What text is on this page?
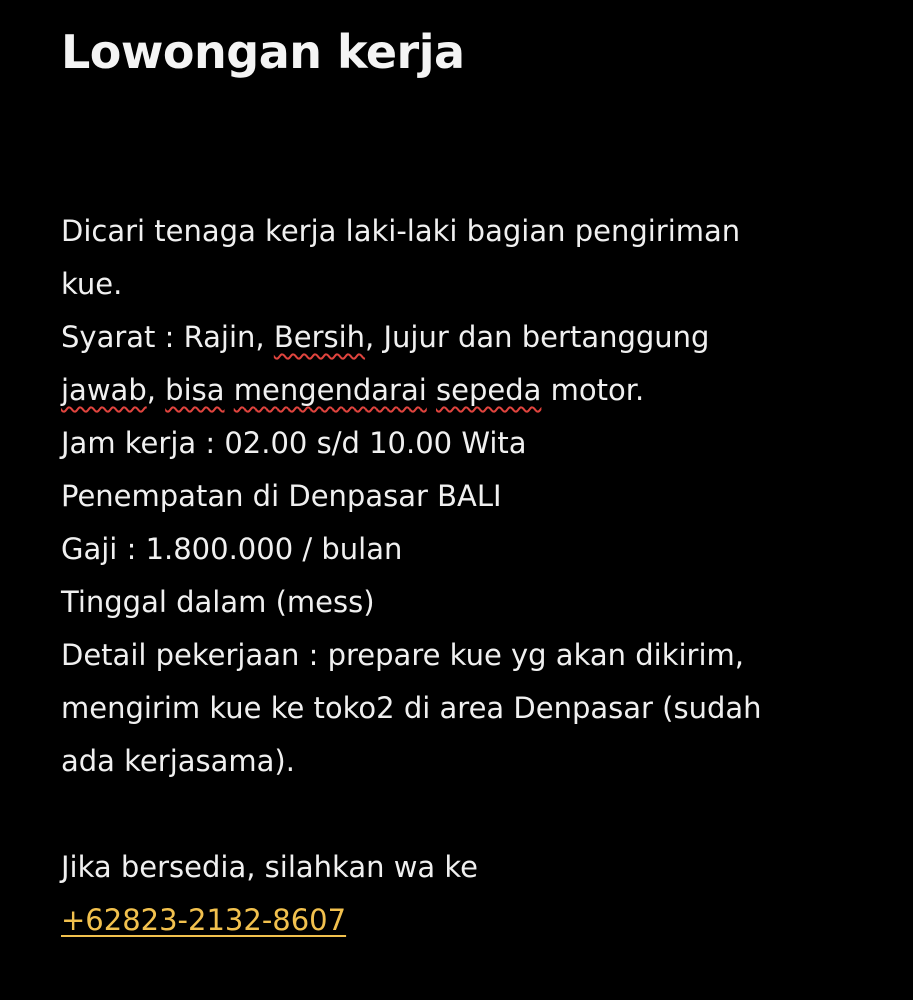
Lowongan kerja
Dicari tenaga kerja laki-laki bagian pengiriman
kue.
Syarat : Rajin, Bersih, Jujur dan bertanggung
jawab, bisa mengendarai sepeda motor.
Jam kerja : 02.00 s/d 10.00 Wita
Penempatan di Denpasar BALI
Gaji : 1.800.000 / bulan
Tinggal dalam (mess)
Detail pekerjaan : prepare kue yg akan dikirim,
mengirim kue ke toko2 di area Denpasar (sudah
ada kerjasama).
Jika bersedia, silahkan wa ke
+62823-2132-8607
